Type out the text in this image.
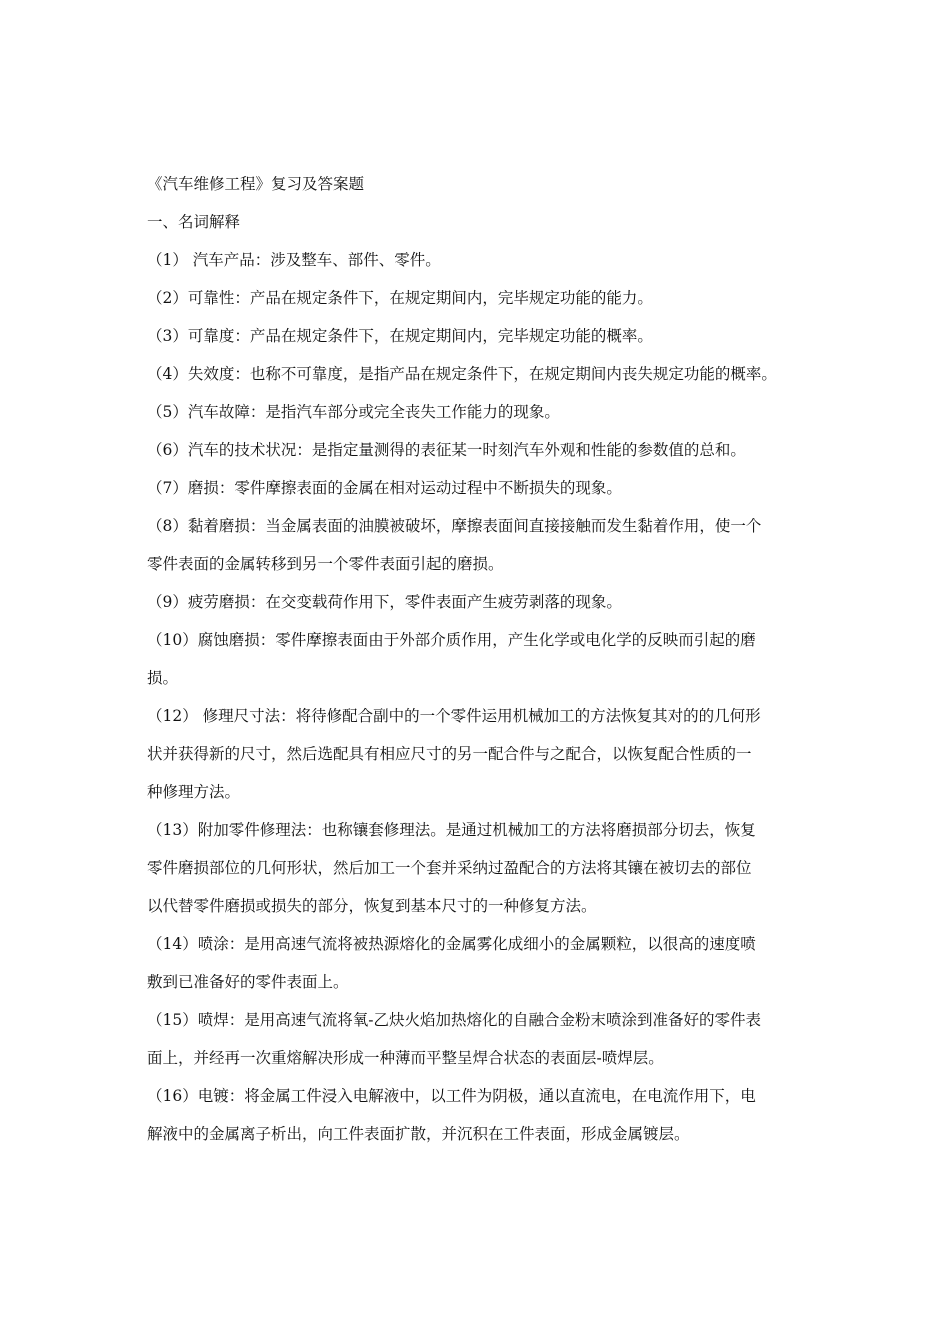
《汽车维修工程》复习及答案题

一、名词解释

（1） 汽车产品：涉及整车、部件、零件。

（2）可靠性：产品在规定条件下，在规定期间内，完毕规定功能的能力。

（3）可靠度：产品在规定条件下，在规定期间内，完毕规定功能的概率。

（4）失效度：也称不可靠度，是指产品在规定条件下，在规定期间内丧失规定功能的概率。

（5）汽车故障：是指汽车部分或完全丧失工作能力的现象。

（6）汽车的技术状况：是指定量测得的表征某一时刻汽车外观和性能的参数值的总和。

（7）磨损：零件摩擦表面的金属在相对运动过程中不断损失的现象。

（8）黏着磨损：当金属表面的油膜被破坏，摩擦表面间直接接触而发生黏着作用，使一个

零件表面的金属转移到另一个零件表面引起的磨损。

（9）疲劳磨损：在交变载荷作用下，零件表面产生疲劳剥落的现象。

（10）腐蚀磨损：零件摩擦表面由于外部介质作用，产生化学或电化学的反映而引起的磨

损。

（12） 修理尺寸法：将待修配合副中的一个零件运用机械加工的方法恢复其对的的几何形

状并获得新的尺寸，然后选配具有相应尺寸的另一配合件与之配合，以恢复配合性质的一

种修理方法。

（13）附加零件修理法：也称镶套修理法。是通过机械加工的方法将磨损部分切去，恢复

零件磨损部位的几何形状，然后加工一个套并采纳过盈配合的方法将其镶在被切去的部位

以代替零件磨损或损失的部分，恢复到基本尺寸的一种修复方法。

（14）喷涂：是用高速气流将被热源熔化的金属雾化成细小的金属颗粒，以很高的速度喷

敷到已准备好的零件表面上。

（15）喷焊：是用高速气流将氧-乙炔火焰加热熔化的自融合金粉末喷涂到准备好的零件表

面上，并经再一次重熔解决形成一种薄而平整呈焊合状态的表面层-喷焊层。

（16）电镀：将金属工件浸入电解液中，以工件为阴极，通以直流电，在电流作用下，电

解液中的金属离子析出，向工件表面扩散，并沉积在工件表面，形成金属镀层。
